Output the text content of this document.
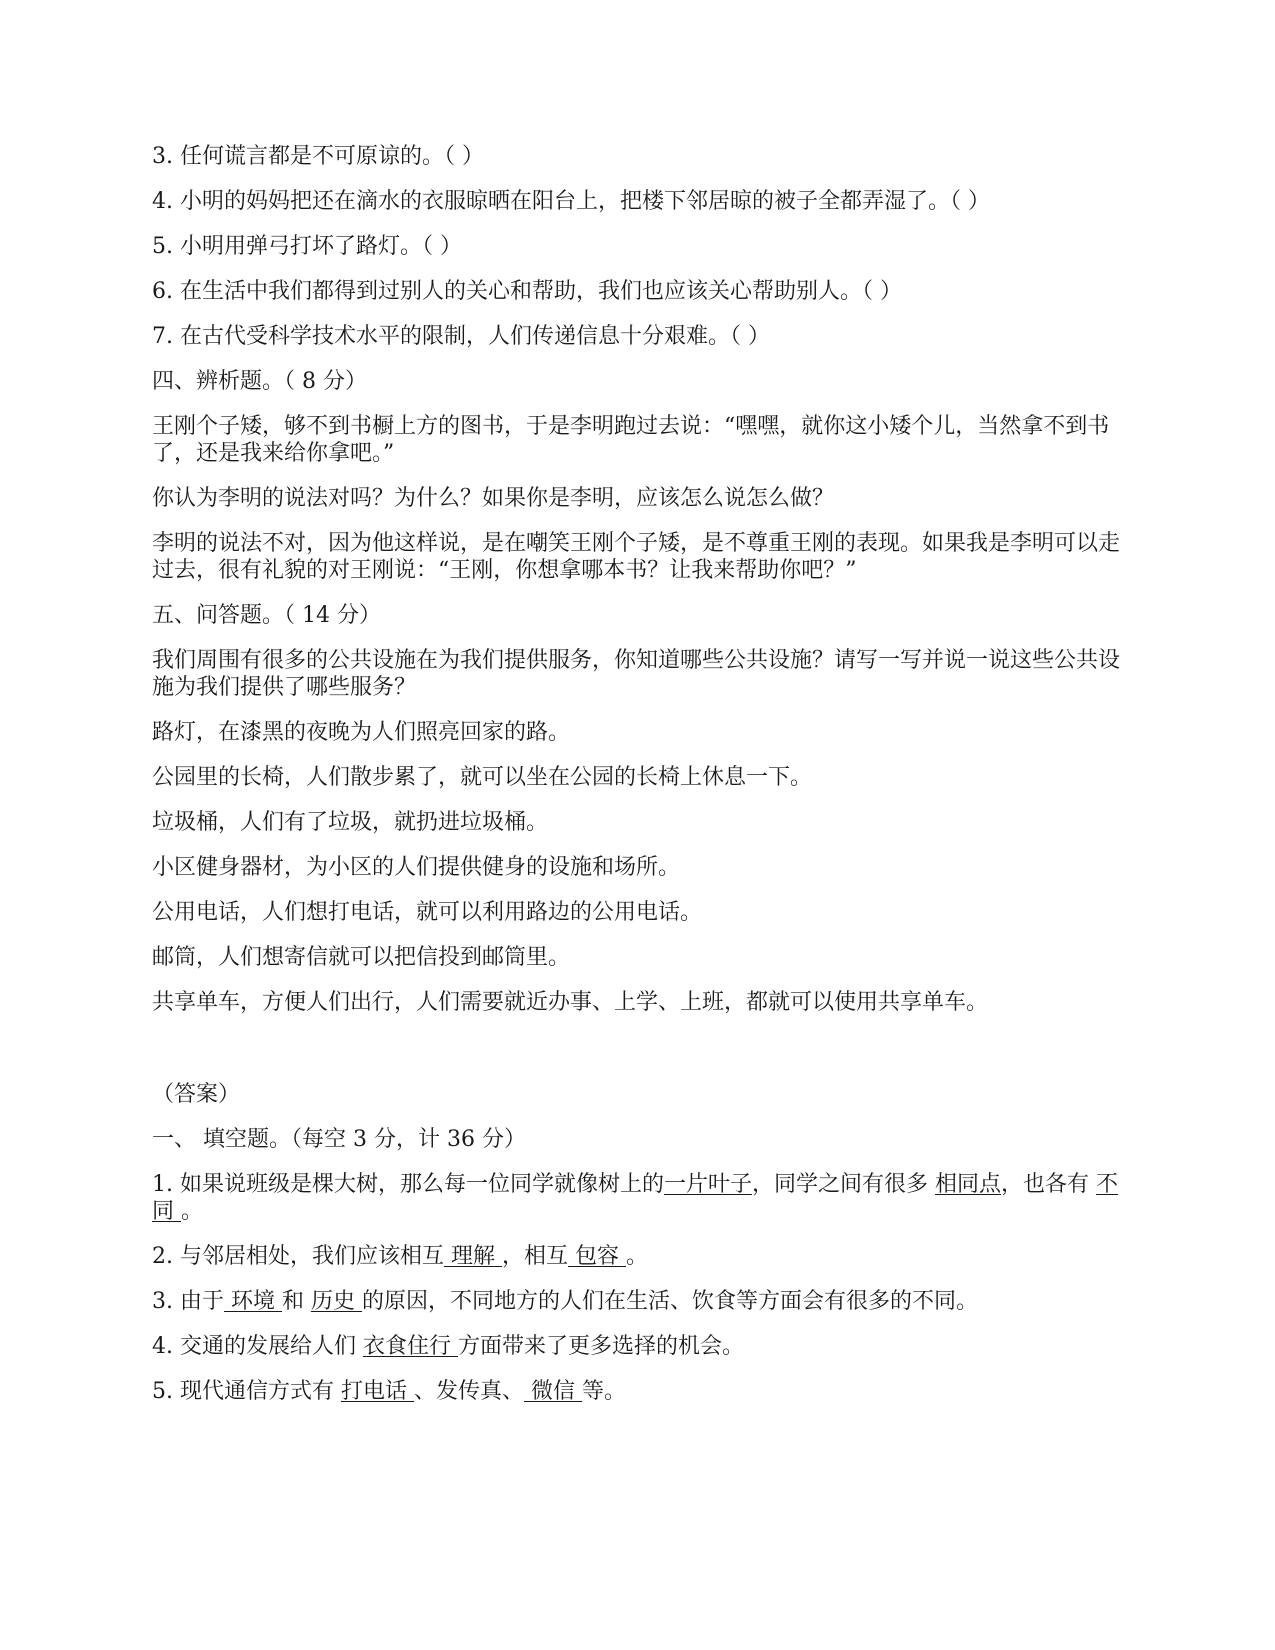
3. 任何谎言都是不可原谅的。（ ）

4. 小明的妈妈把还在滴水的衣服晾晒在阳台上，把楼下邻居晾的被子全都弄湿了。（ ）

5. 小明用弹弓打坏了路灯。（ ）

6. 在生活中我们都得到过别人的关心和帮助，我们也应该关心帮助别人。（ ）

7. 在古代受科学技术水平的限制，人们传递信息十分艰难。（ ）

四、辨析题。（ 8 分）

王刚个子矮，够不到书橱上方的图书，于是李明跑过去说：“嘿嘿，就你这小矮个儿，当然拿不到书了，还是我来给你拿吧。”

你认为李明的说法对吗？为什么？如果你是李明，应该怎么说怎么做？

李明的说法不对，因为他这样说，是在嘲笑王刚个子矮，是不尊重王刚的表现。如果我是李明可以走过去，很有礼貌的对王刚说：“王刚，你想拿哪本书？让我来帮助你吧？”

五、问答题。（ 14 分）

我们周围有很多的公共设施在为我们提供服务，你知道哪些公共设施？请写一写并说一说这些公共设施为我们提供了哪些服务？

路灯，在漆黑的夜晚为人们照亮回家的路。

公园里的长椅，人们散步累了，就可以坐在公园的长椅上休息一下。

垃圾桶，人们有了垃圾，就扔进垃圾桶。

小区健身器材，为小区的人们提供健身的设施和场所。

公用电话，人们想打电话，就可以利用路边的公用电话。

邮筒，人们想寄信就可以把信投到邮筒里。

共享单车，方便人们出行，人们需要就近办事、上学、上班，都就可以使用共享单车。

（答案）

一、 填空题。（每空 3 分，计 36 分）

1. 如果说班级是棵大树，那么每一位同学就像树上的一片叶子，同学之间有很多 相同点，也各有 不同 。

2. 与邻居相处，我们应该相互 理解 ，相互 包容 。

3. 由于 环境 和 历史 的原因，不同地方的人们在生活、饮食等方面会有很多的不同。

4. 交通的发展给人们 衣食住行 方面带来了更多选择的机会。

5. 现代通信方式有 打电话 、发传真、 微信 等。
